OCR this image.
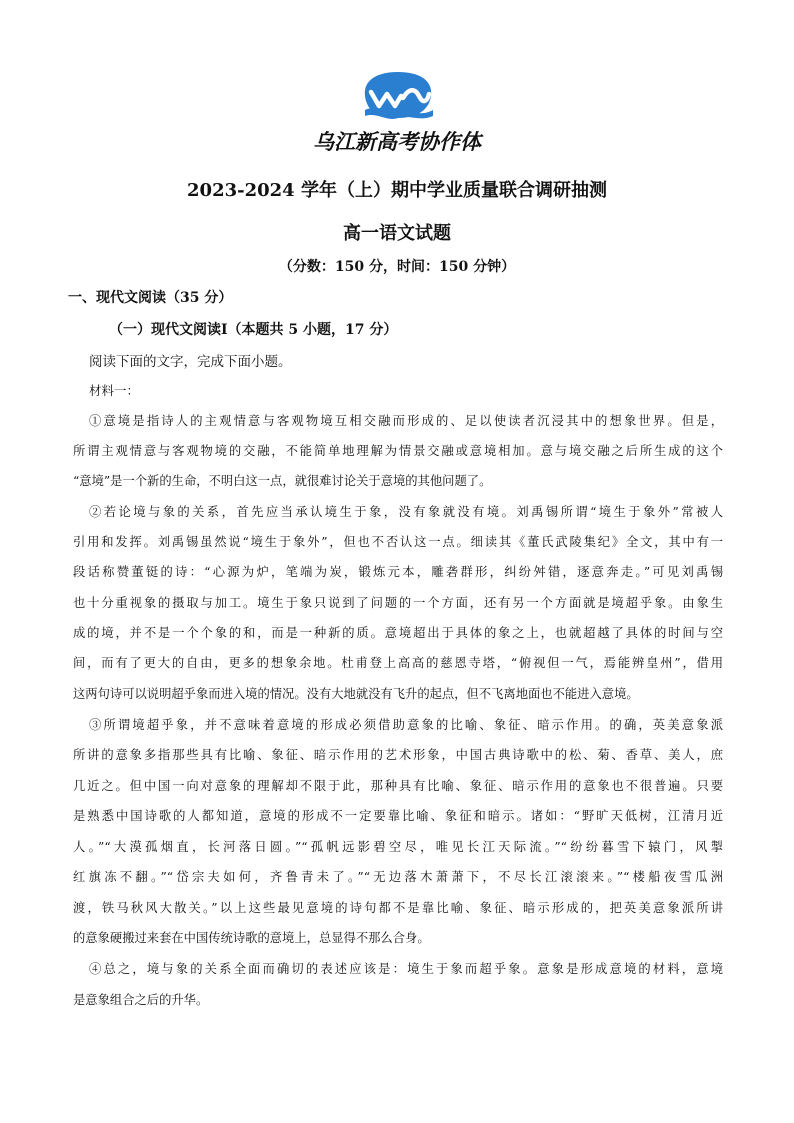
乌江新高考协作体
2023-2024 学年（上）期中学业质量联合调研抽测
高一语文试题
（分数：150 分，时间：150 分钟）
一、现代文阅读（35 分）
（一）现代文阅读Ⅰ（本题共 5 小题，17 分）
阅读下面的文字，完成下面小题。
材料一：
①意境是指诗人的主观情意与客观物境互相交融而形成的、足以使读者沉浸其中的想象世界。但是，
所谓主观情意与客观物境的交融，不能简单地理解为情景交融或意境相加。意与境交融之后所生成的这个
“意境”是一个新的生命，不明白这一点，就很难讨论关于意境的其他问题了。
②若论境与象的关系，首先应当承认境生于象，没有象就没有境。刘禹锡所谓“境生于象外”常被人
引用和发挥。刘禹锡虽然说“境生于象外”，但也不否认这一点。细读其《董氏武陵集纪》全文，其中有一
段话称赞董铤的诗：“心源为炉，笔端为炭，锻炼元本，雕砻群形，纠纷舛错，逐意奔走。”可见刘禹锡
也十分重视象的摄取与加工。境生于象只说到了问题的一个方面，还有另一个方面就是境超乎象。由象生
成的境，并不是一个个象的和，而是一种新的质。意境超出于具体的象之上，也就超越了具体的时间与空
间，而有了更大的自由，更多的想象余地。杜甫登上高高的慈恩寺塔，“俯视但一气，焉能辨皇州”，借用
这两句诗可以说明超乎象而进入境的情况。没有大地就没有飞升的起点，但不飞离地面也不能进入意境。
③所谓境超乎象，并不意味着意境的形成必须借助意象的比喻、象征、暗示作用。的确，英美意象派
所讲的意象多指那些具有比喻、象征、暗示作用的艺术形象，中国古典诗歌中的松、菊、香草、美人，庶
几近之。但中国一向对意象的理解却不限于此，那种具有比喻、象征、暗示作用的意象也不很普遍。只要
是熟悉中国诗歌的人都知道，意境的形成不一定要靠比喻、象征和暗示。诸如：“野旷天低树，江清月近
人。”“大漠孤烟直，长河落日圆。”“孤帆远影碧空尽，唯见长江天际流。”“纷纷暮雪下辕门，风掣
红旗冻不翻。”“岱宗夫如何，齐鲁青未了。”“无边落木萧萧下，不尽长江滚滚来。”“楼船夜雪瓜洲
渡，铁马秋风大散关。”以上这些最见意境的诗句都不是靠比喻、象征、暗示形成的，把英美意象派所讲
的意象硬搬过来套在中国传统诗歌的意境上，总显得不那么合身。
④总之，境与象的关系全面而确切的表述应该是：境生于象而超乎象。意象是形成意境的材料，意境
是意象组合之后的升华。
